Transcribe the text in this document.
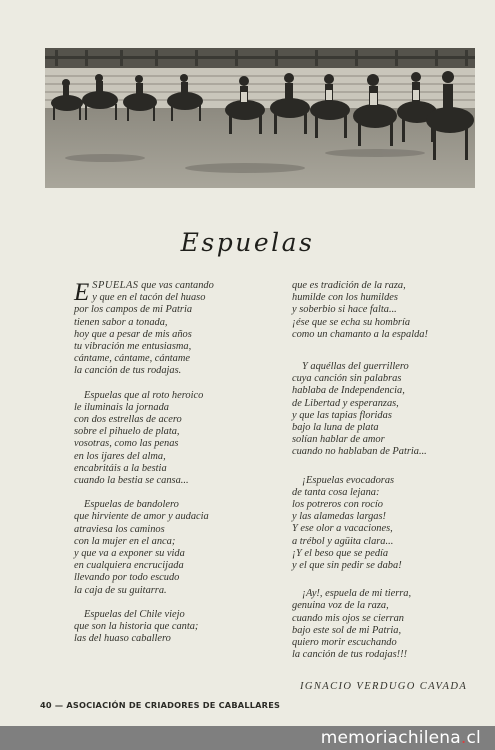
Espuelas
E SPUELAS que vas cantando
y que en el tacón del huaso
por los campos de mi Patria
tienen sabor a tonada,
hoy que a pesar de mis años
tu vibración me entusiasma,
cántame, cántame, cántame
la canción de tus rodajas.
Espuelas que al roto heroico
le iluminais la jornada
con dos estrellas de acero
sobre el pihuelo de plata,
vosotras, como las penas
en los ijares del alma,
encabritáis a la bestia
cuando la bestia se cansa...
Espuelas de bandolero
que hirviente de amor y audacia
atraviesa los caminos
con la mujer en el anca;
y que va a exponer su vida
en cualquiera encrucijada
llevando por todo escudo
la caja de su guitarra.
Espuelas del Chile viejo
que son la historia que canta;
las del huaso caballero
que es tradición de la raza,
humilde con los humildes
y soberbio si hace falta...
¡ése que se echa su hombría
como un chamanto a la espalda!
Y aquéllas del guerrillero
cuya canción sin palabras
hablaba de Independencia,
de Libertad y esperanzas,
y que las tapias floridas
bajo la luna de plata
solían hablar de amor
cuando no hablaban de Patria...
¡Espuelas evocadoras
de tanta cosa lejana:
los potreros con rocío
y las alamedas largas!
Y ese olor a vacaciones,
a trébol y agüita clara...
¡Y el beso que se pedía
y el que sin pedir se daba!
¡Ay!, espuela de mi tierra,
genuina voz de la raza,
cuando mis ojos se cierran
bajo este sol de mi Patria,
quiero morir escuchando
la canción de tus rodajas!!!
IGNACIO VERDUGO CAVADA
40 — ASOCIACIÓN DE CRIADORES DE CABALLARES
memoriachilena.cl
